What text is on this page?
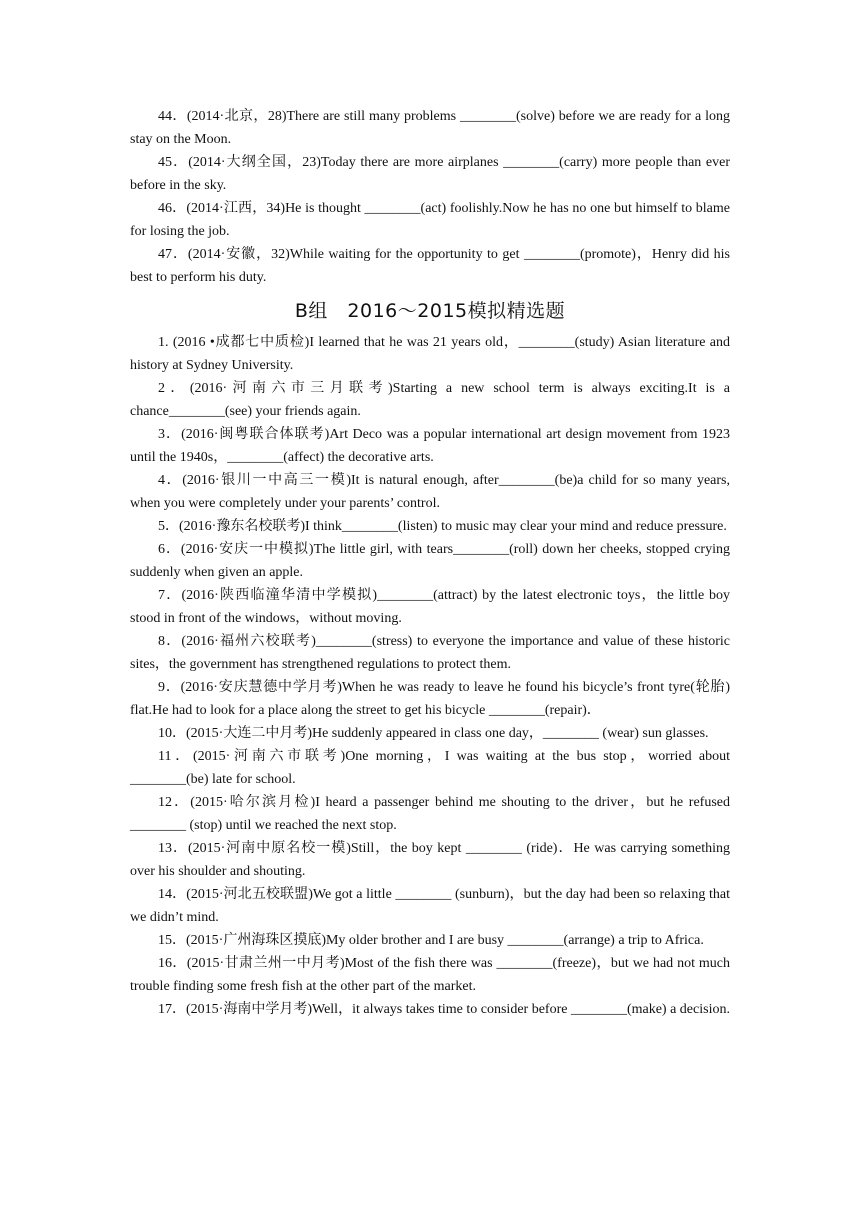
44．(2014·北京，28)There are still many problems ________(solve) before we are ready for a long stay on the Moon.

45．(2014·大纲全国，23)Today there are more airplanes ________(carry) more people than ever before in the sky.

46．(2014·江西，34)He is thought ________(act) foolishly.Now he has no one but himself to blame for losing the job.

47．(2014·安徽，32)While waiting for the opportunity to get ________(promote)，Henry did his best to perform his duty.

B组　2016～2015模拟精选题

1. (2016 •成都七中质检)I learned that he was 21 years old，________(study) Asian literature and history at Sydney University.

2．(2016·河南六市三月联考)Starting a new school term is always exciting.It is a chance________(see) your friends again.

3．(2016·闽粤联合体联考)Art Deco was a popular international art design movement from 1923 until the 1940s，________(affect) the decorative arts.

4．(2016·银川一中高三一模)It is natural enough, after________(be)a child for so many years, when you were completely under your parents’ control.

5．(2016·豫东名校联考)I think________(listen) to music may clear your mind and reduce pressure.

6．(2016·安庆一中模拟)The little girl, with tears________(roll) down her cheeks, stopped crying suddenly when given an apple.

7．(2016·陕西临潼华清中学模拟)________(attract) by the latest electronic toys，the little boy stood in front of the windows，without moving.

8．(2016·福州六校联考)________(stress) to everyone the importance and value of these historic sites，the government has strengthened regulations to protect them.

9．(2016·安庆慧德中学月考)When he was ready to leave he found his bicycle’s front tyre(轮胎) flat.He had to look for a place along the street to get his bicycle ________(repair)．

10．(2015·大连二中月考)He suddenly appeared in class one day，________ (wear) sun glasses.

11．(2015·河南六市联考)One morning，I was waiting at the bus stop，worried about ________(be) late for school.

12．(2015·哈尔滨月检)I heard a passenger behind me shouting to the driver，but he refused ________ (stop) until we reached the next stop.

13．(2015·河南中原名校一模)Still，the boy kept ________ (ride)．He was carrying something over his shoulder and shouting.

14．(2015·河北五校联盟)We got a little ________ (sunburn)，but the day had been so relaxing that we didn’t mind.

15．(2015·广州海珠区摸底)My older brother and I are busy ________(arrange) a trip to Africa.

16．(2015·甘肃兰州一中月考)Most of the fish there was ________(freeze)，but we had not much trouble finding some fresh fish at the other part of the market.

17．(2015·海南中学月考)Well，it always takes time to consider before ________(make) a decision.
